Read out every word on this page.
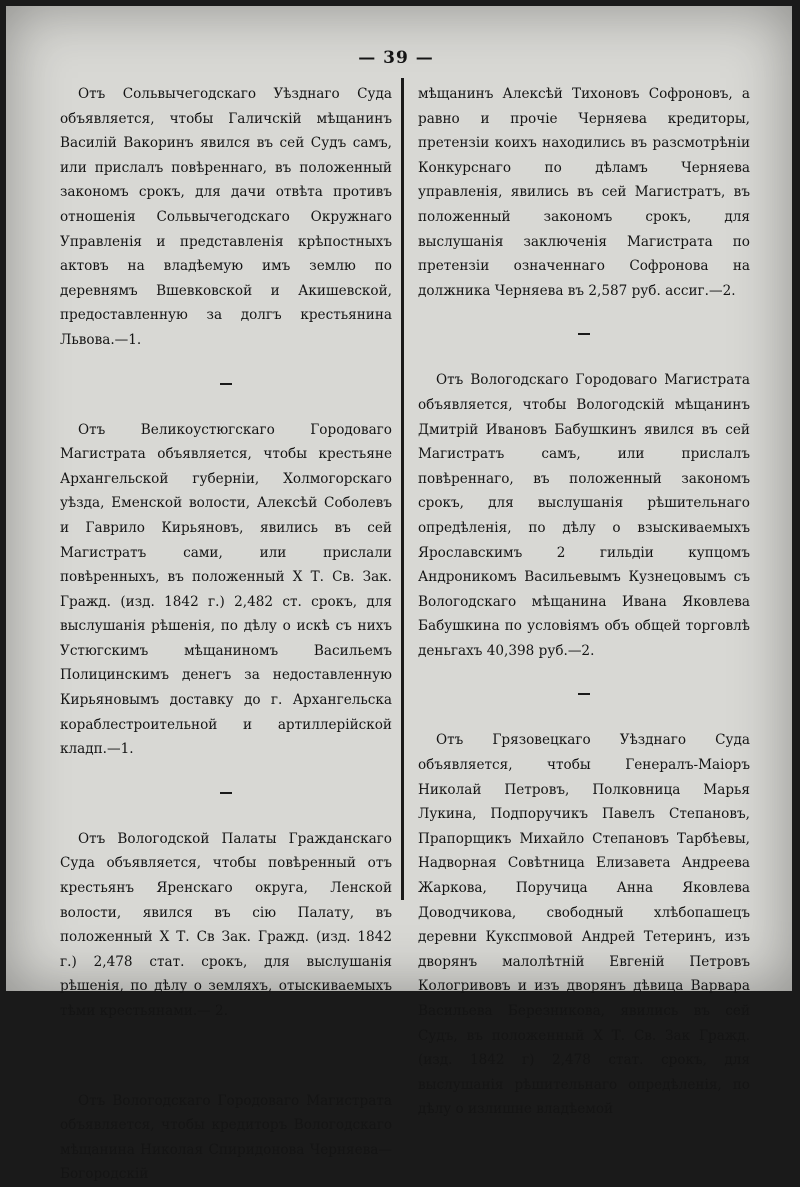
— 39 —

Отъ Сольвычегодскаго Уѣзднаго Суда объявляется, чтобы Галичскій мѣщанинъ Василій Вакоринъ явился въ сей Судъ самъ, или прислалъ повѣреннаго, въ положенный закономъ срокъ, для дачи отвѣта противъ отношенія Сольвычегодскаго Окружнаго Управленія и представленія крѣпостныхъ актовъ на владѣемую имъ землю по деревнямъ Вшевковской и Акишевской, предоставленную за долгъ крестьянина Львова.—1.

Отъ Великоустюгскаго Городоваго Магистрата объявляется, чтобы крестьяне Архангельской губерніи, Холмогорскаго уѣзда, Еменской волости, Алексѣй Соболевъ и Гаврило Кирьяновъ, явились въ сей Магистратъ сами, или прислали повѣренныхъ, въ положенный X Т. Св. Зак. Гражд. (изд. 1842 г.) 2,482 ст. срокъ, для выслушанія рѣшенія, по дѣлу о искѣ съ нихъ Устюгскимъ мѣщаниномъ Васильемъ Полицинскимъ денегъ за недоставленную Кирьяновымъ доставку до г. Архангельска кораблестроительной и артиллерійской кладп.—1.

Отъ Вологодской Палаты Гражданскаго Суда объявляется, чтобы повѣренный отъ крестьянъ Яренскаго округа, Ленской волости, явился въ сію Палату, въ положенный X Т. Св Зак. Гражд. (изд. 1842 г.) 2,478 стат. срокъ, для выслушанія рѣшенія, по дѣлу о земляхъ, отыскиваемыхъ тѣми крестьянами.— 2.

Отъ Вологодскаго Городоваго Магистрата объявляется, чтобы кредиторъ Вологодскаго мѣщанина Николая Спиридонова Черняева—Богородскій

мѣщанинъ Алексѣй Тихоновъ Софроновъ, а равно и прочіе Черняева кредиторы, претензіи коихъ находились въ разсмотрѣніи Конкурснаго по дѣламъ Черняева управленія, явились въ сей Магистратъ, въ положенный закономъ срокъ, для выслушанія заключенія Магистрата по претензіи означеннаго Софронова на должника Черняева въ 2,587 руб. ассиг.—2.

Отъ Вологодскаго Городоваго Магистрата объявляется, чтобы Вологодскій мѣщанинъ Дмитрій Ивановъ Бабушкинъ явился въ сей Магистратъ самъ, или прислалъ повѣреннаго, въ положенный закономъ срокъ, для выслушанія рѣшительнаго опредѣленія, по дѣлу о взыскиваемыхъ Ярославскимъ 2 гильдіи купцомъ Андроникомъ Васильевымъ Кузнецовымъ съ Вологодскаго мѣщанина Ивана Яковлева Бабушкина по условіямъ объ общей торговлѣ деньгахъ 40,398 руб.—2.

Отъ Грязовецкаго Уѣзднаго Суда объявляется, чтобы Генералъ-Маіоръ Николай Петровъ, Полковница Марья Лукина, Подпоручикъ Павелъ Степановъ, Прапорщикъ Михайло Степановъ Тарбѣевы, Надворная Совѣтница Елизавета Андреева Жаркова, Поручица Анна Яковлева Доводчикова, свободный хлѣбопашецъ деревни Кукспмовой Андрей Тетеринъ, изъ дворянъ малолѣтній Евгеній Петровъ Кологривовъ и изъ дворянъ дѣвица Варвара Васильева Березникова, явились въ сей Судъ, въ положенный X Т. Св. Зак Гражд. (изд. 1842 г) 2,478 стат. срокъ, для выслушанія рѣшительнаго опредѣленія, по дѣлу о излишне владѣемой
